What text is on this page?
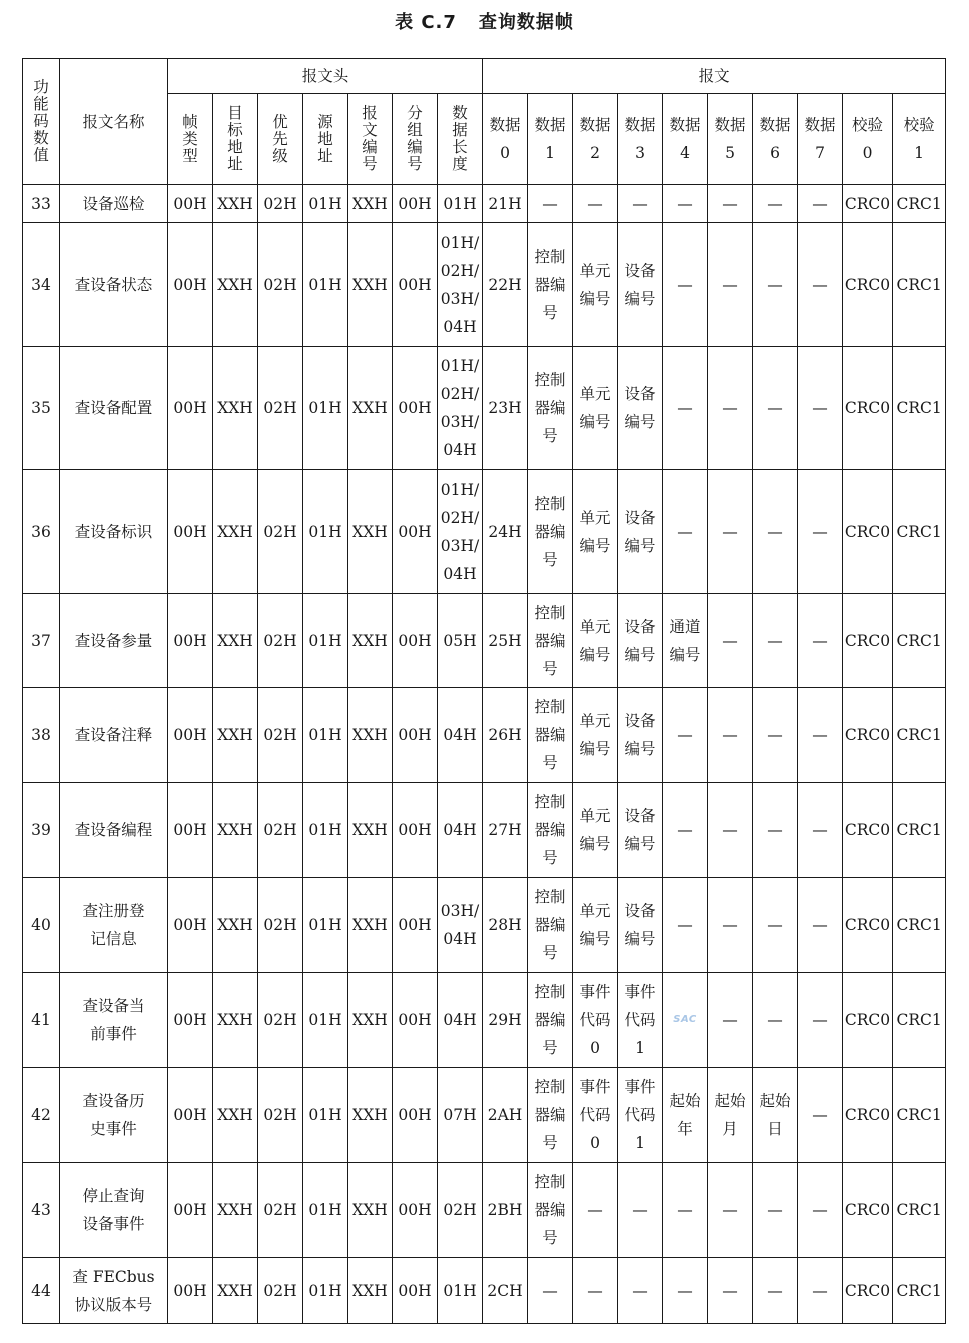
表 C.7 查询数据帧
功
能
码
数
值	报文名称	报文头							报文									

		帧
类
型	目
标
地
址	优
先
级	源
地
址	报
文
编
号	分
组
编
号	数
据
长
度	数据
0	数据
1	数据
2	数据
3	数据
4	数据
5	数据
6	数据
7	校验
0	校验
1

33	设备巡检	00H	XXH	02H	01H	XXH	00H	01H	21H	—	—	—	—	—	—	—	CRC0	CRC1

34	查设备状态	00H	XXH	02H	01H	XXH	00H	01H/
02H/
03H/
04H	22H	控制
器编
号	单元
编号	设备
编号	—	—	—	—	CRC0	CRC1

35	查设备配置	00H	XXH	02H	01H	XXH	00H	01H/
02H/
03H/
04H	23H	控制
器编
号	单元
编号	设备
编号	—	—	—	—	CRC0	CRC1

36	查设备标识	00H	XXH	02H	01H	XXH	00H	01H/
02H/
03H/
04H	24H	控制
器编
号	单元
编号	设备
编号	—	—	—	—	CRC0	CRC1

37	查设备参量	00H	XXH	02H	01H	XXH	00H	05H	25H	控制
器编
号	单元
编号	设备
编号	通道
编号	—	—	—	CRC0	CRC1

38	查设备注释	00H	XXH	02H	01H	XXH	00H	04H	26H	控制
器编
号	单元
编号	设备
编号	—	—	—	—	CRC0	CRC1

39	查设备编程	00H	XXH	02H	01H	XXH	00H	04H	27H	控制
器编
号	单元
编号	设备
编号	—	—	—	—	CRC0	CRC1

40	查注册登
记信息	00H	XXH	02H	01H	XXH	00H	03H/
04H	28H	控制
器编
号	单元
编号	设备
编号	—	—	—	—	CRC0	CRC1

41	查设备当
前事件	00H	XXH	02H	01H	XXH	00H	04H	29H	控制
器编
号	事件
代码
0	事件
代码
1	SAC	—	—	—	CRC0	CRC1

42	查设备历
史事件	00H	XXH	02H	01H	XXH	00H	07H	2AH	控制
器编
号	事件
代码
0	事件
代码
1	起始
年	起始
月	起始
日	—	CRC0	CRC1

43	停止查询
设备事件	00H	XXH	02H	01H	XXH	00H	02H	2BH	控制
器编
号	—	—	—	—	—	—	CRC0	CRC1

44	查 FECbus
协议版本号	00H	XXH	02H	01H	XXH	00H	01H	2CH	—	—	—	—	—	—	—	CRC0	CRC1
